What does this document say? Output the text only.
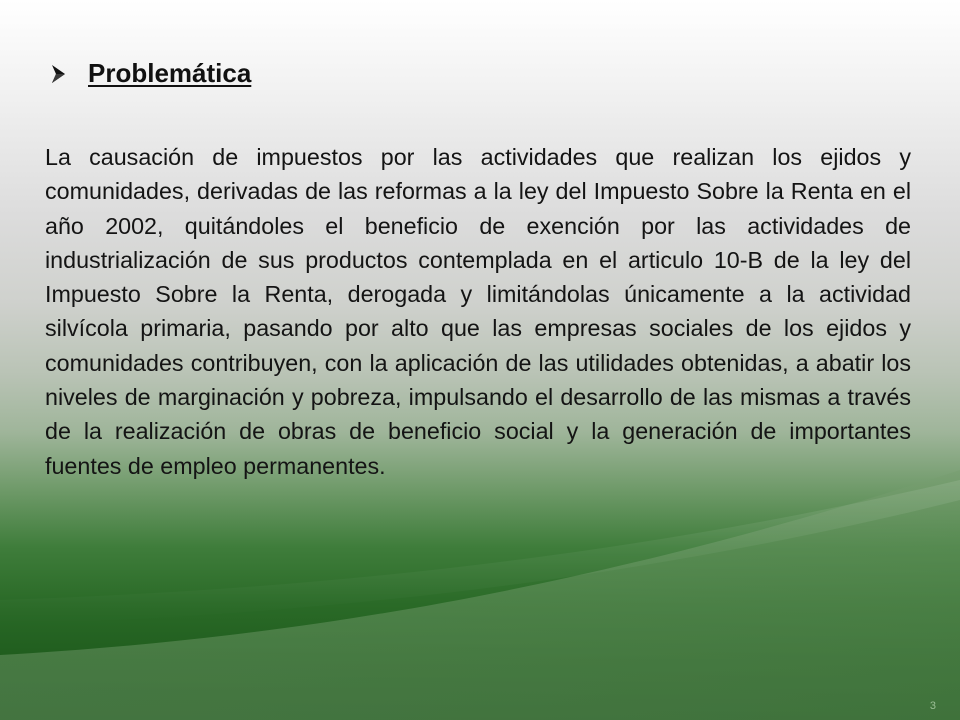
Problemática

La causación de impuestos por las actividades que realizan los ejidos y comunidades, derivadas de las reformas a la ley del Impuesto Sobre la Renta en el año 2002, quitándoles el beneficio de exención por las actividades de industrialización de sus productos contemplada en el articulo 10-B de la ley del Impuesto Sobre la Renta, derogada y limitándolas únicamente a la actividad silvícola primaria, pasando por alto que las empresas sociales de los ejidos y comunidades contribuyen, con la aplicación de las utilidades obtenidas, a abatir los niveles de marginación y pobreza, impulsando el desarrollo de las mismas a través de la realización de obras de beneficio social y la generación de importantes fuentes de empleo permanentes.

3
